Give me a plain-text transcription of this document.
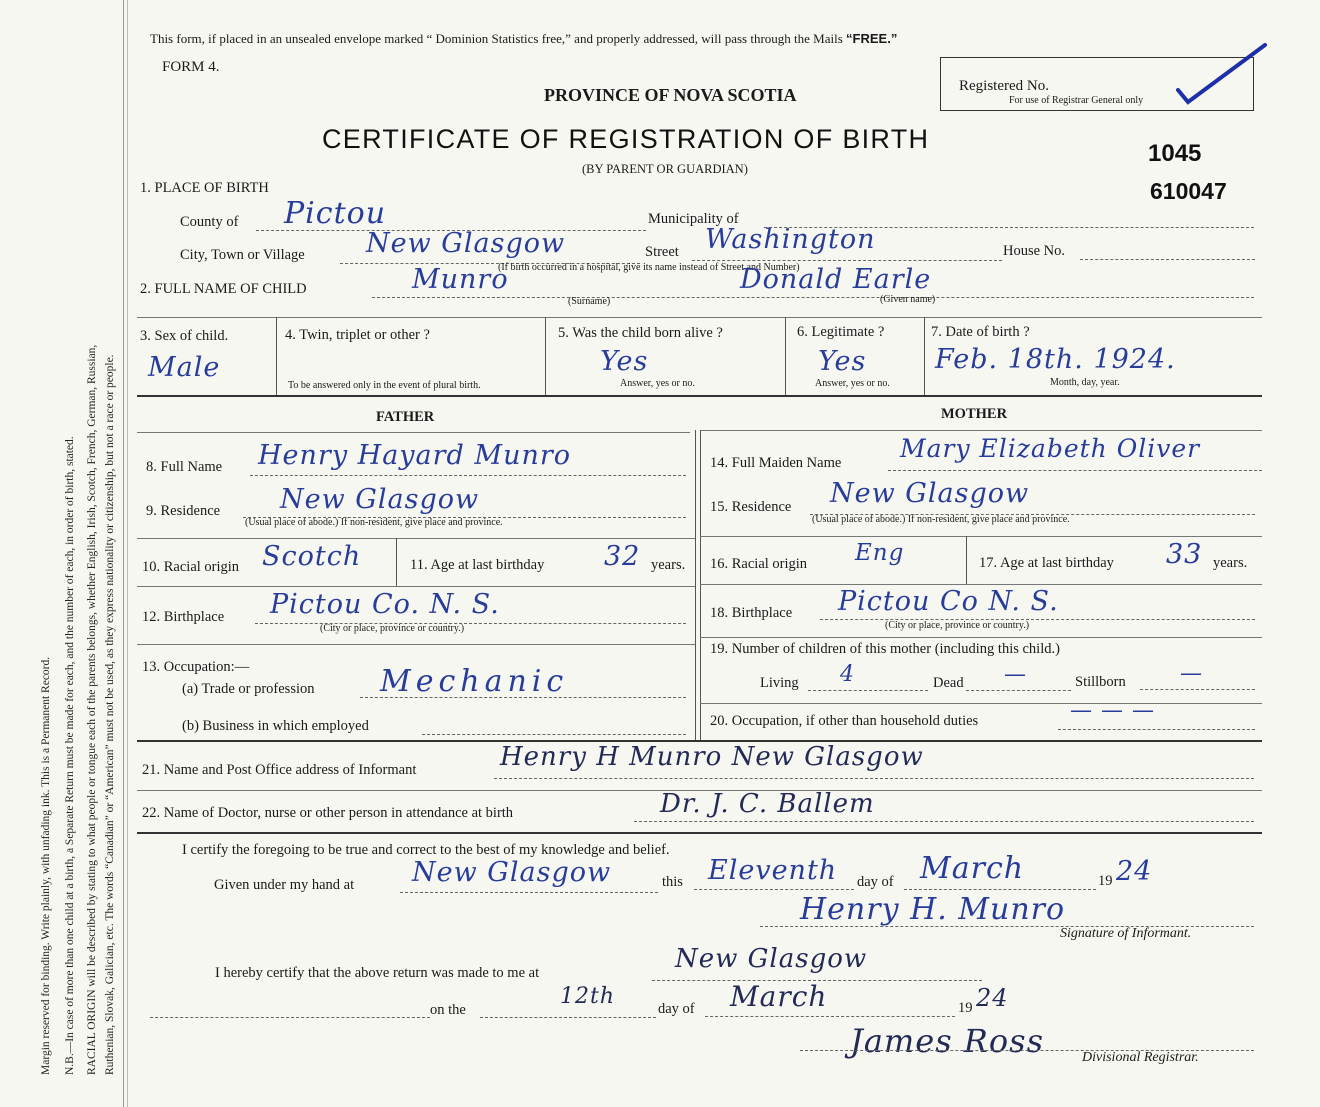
Margin reserved for binding. Write plainly, with unfading ink. This is a Permanent Record. N.B.—In case of more than one child at a birth, a Separate Return must be made for each, and the number of each, in order of birth, stated. RACIAL ORIGIN will be described by stating to what people or tongue each of the parents belongs, whether English, Irish, Scotch, French, German, Russian, Ruthenian, Slovak, Galician, etc. The words “Canadian” or “American” must not be used, as they express nationality or citizenship, but not a race or people.
This form, if placed in an unsealed envelope marked “ Dominion Statistics free,” and properly addressed, will pass through the Mails “FREE.”
FORM 4.
PROVINCE OF NOVA SCOTIA
CERTIFICATE OF REGISTRATION OF BIRTH
(BY PARENT OR GUARDIAN)
Registered No.
For use of Registrar General only
1045
610047
1. PLACE OF BIRTH
County of Pictou	Municipality of
City, Town or Village New Glasgow	Street Washington	House No.
(If birth occurred in a hospital, give its name instead of Street and Number)
2. FULL NAME OF CHILD	Munro
(Surname)
Donald Earle
(Given name)
3. Sex of child.
Male
4. Twin, triplet or other ?
To be answered only in the event of plural birth.
5. Was the child born alive ?
Yes
Answer, yes or no.
6. Legitimate ?
Yes
Answer, yes or no.
7. Date of birth ?
Feb. 18th. 1924.
Month, day, year.
FATHER	MOTHER
8. Full Name Henry Hayard Munro
9. Residence New Glasgow
(Usual place of abode.) If non-resident, give place and province.
10. Racial origin Scotch	11. Age at last birthday 32 years.
12. Birthplace Pictou Co. N. S.
(City or place, province or country.)
13. Occupation:—
(a) Trade or profession Mechanic
(b) Business in which employed
14. Full Maiden Name Mary Elizabeth Oliver
15. Residence New Glasgow
(Usual place of abode.) If non-resident, give place and province.
16. Racial origin Eng	17. Age at last birthday 33 years.
18. Birthplace Pictou Co N. S.
(City or place, province or country.)
19. Number of children of this mother (including this child.)
Living 4	Dead —	Stillborn —
20. Occupation, if other than household duties	— — —
21. Name and Post Office address of Informant	Henry H Munro New Glasgow
22. Name of Doctor, nurse or other person in attendance at birth	Dr. J. C. Ballem
I certify the foregoing to be true and correct to the best of my knowledge and belief.
Given under my hand at New Glasgow	this Eleventh day of March	19 24
Henry H. Munro
Signature of Informant.
I hereby certify that the above return was made to me at	New Glasgow
on the
12th	day of March	19 24
James Ross	Divisional Registrar.
